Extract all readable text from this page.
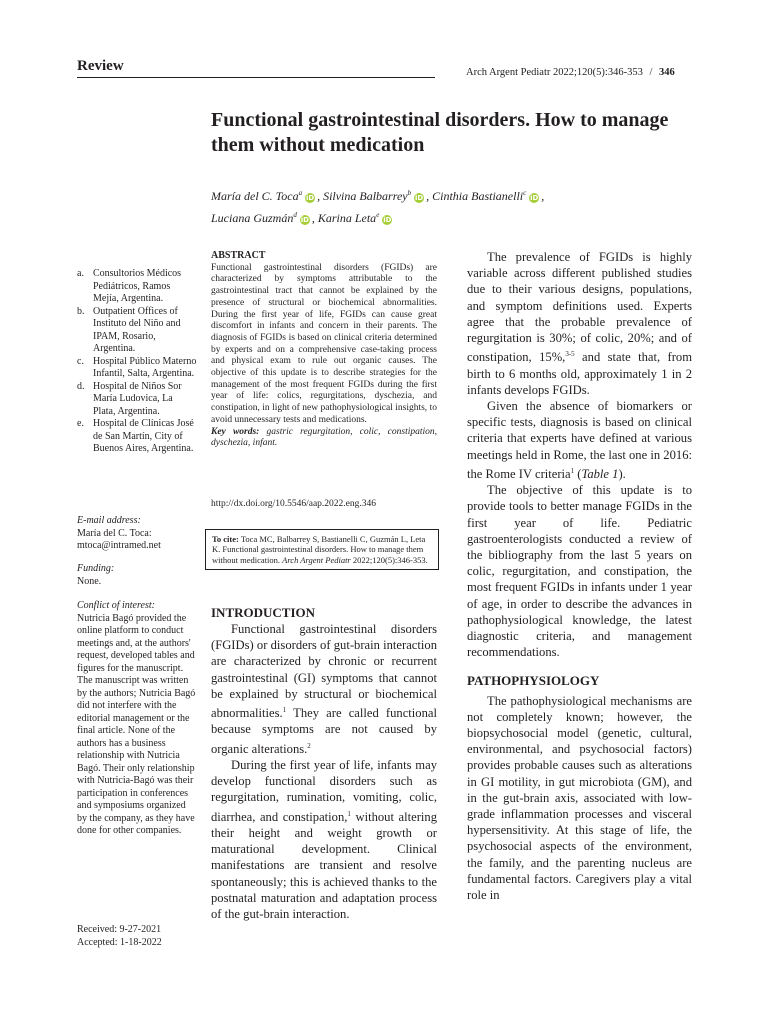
Review	Arch Argent Pediatr 2022;120(5):346-353 / 346
Functional gastrointestinal disorders. How to manage them without medication
María del C. Toca$^a$iD , Silvina Balbarrey$^b$iD , Cinthia Bastianelli$^c$iD ,
Luciana Guzmán$^d$iD , Karina Leta$^e$iD
a. Consultorios Médicos Pediátricos, Ramos Mejía, Argentina.
b. Outpatient Offices of Instituto del Niño and IPAM, Rosario, Argentina.
c. Hospital Público Materno Infantil, Salta, Argentina.
d. Hospital de Niños Sor María Ludovica, La Plata, Argentina.
e. Hospital de Clínicas José de San Martín, City of Buenos Aires, Argentina.
E-mail address:
María del C. Toca:
mtoca@intramed.net
Funding:
None.
Conflict of interest:
Nutricia Bagó provided the online platform to conduct meetings and, at the authors' request, developed tables and figures for the manuscript. The manuscript was written by the authors; Nutricia Bagó did not interfere with the editorial management or the final article. None of the authors has a business relationship with Nutricia Bagó. Their only relationship with Nutricia-Bagó was their participation in conferences and symposiums organized by the company, as they have done for other companies.
Received: 9-27-2021
Accepted: 1-18-2022
ABSTRACT
Functional gastrointestinal disorders (FGIDs) are characterized by symptoms attributable to the gastrointestinal tract that cannot be explained by the presence of structural or biochemical abnormalities. During the first year of life, FGIDs can cause great discomfort in infants and concern in their parents. The diagnosis of FGIDs is based on clinical criteria determined by experts and on a comprehensive case-taking process and physical exam to rule out organic causes. The objective of this update is to describe strategies for the management of the most frequent FGIDs during the first year of life: colics, regurgitations, dyschezia, and constipation, in light of new pathophysiological insights, to avoid unnecessary tests and medications.
Key words: gastric regurgitation, colic, constipation, dyschezia, infant.
http://dx.doi.org/10.5546/aap.2022.eng.346
To cite: Toca MC, Balbarrey S, Bastianelli C, Guzmán L, Leta K. Functional gastrointestinal disorders. How to manage them without medication. Arch Argent Pediatr 2022;120(5):346-353.
INTRODUCTION

Functional gastrointestinal disorders (FGIDs) or disorders of gut-brain interaction are characterized by chronic or recurrent gastrointestinal (GI) symptoms that cannot be explained by structural or biochemical abnormalities.$^1$ They are called functional because symptoms are not caused by organic alterations.$^2$

During the first year of life, infants may develop functional disorders such as regurgitation, rumination, vomiting, colic, diarrhea, and constipation,$^1$ without altering their height and weight growth or maturational development. Clinical manifestations are transient and resolve spontaneously; this is achieved thanks to the postnatal maturation and adaptation process of the gut-brain interaction.

The prevalence of FGIDs is highly variable across different published studies due to their various designs, populations, and symptom definitions used. Experts agree that the probable prevalence of regurgitation is 30%; of colic, 20%; and of constipation, 15%,$^{3-5}$ and state that, from birth to 6 months old, approximately 1 in 2 infants develops FGIDs.

Given the absence of biomarkers or specific tests, diagnosis is based on clinical criteria that experts have defined at various meetings held in Rome, the last one in 2016: the Rome IV criteria$^1$ (Table 1).

The objective of this update is to provide tools to better manage FGIDs in the first year of life. Pediatric gastroenterologists conducted a review of the bibliography from the last 5 years on colic, regurgitation, and constipation, the most frequent FGIDs in infants under 1 year of age, in order to describe the advances in pathophysiological knowledge, the latest diagnostic criteria, and management recommendations.

PATHOPHYSIOLOGY

The pathophysiological mechanisms are not completely known; however, the biopsychosocial model (genetic, cultural, environmental, and psychosocial factors) provides probable causes such as alterations in GI motility, in gut microbiota (GM), and in the gut-brain axis, associated with low-grade inflammation processes and visceral hypersensitivity. At this stage of life, the psychosocial aspects of the environment, the family, and the parenting nucleus are fundamental factors. Caregivers play a vital role in
